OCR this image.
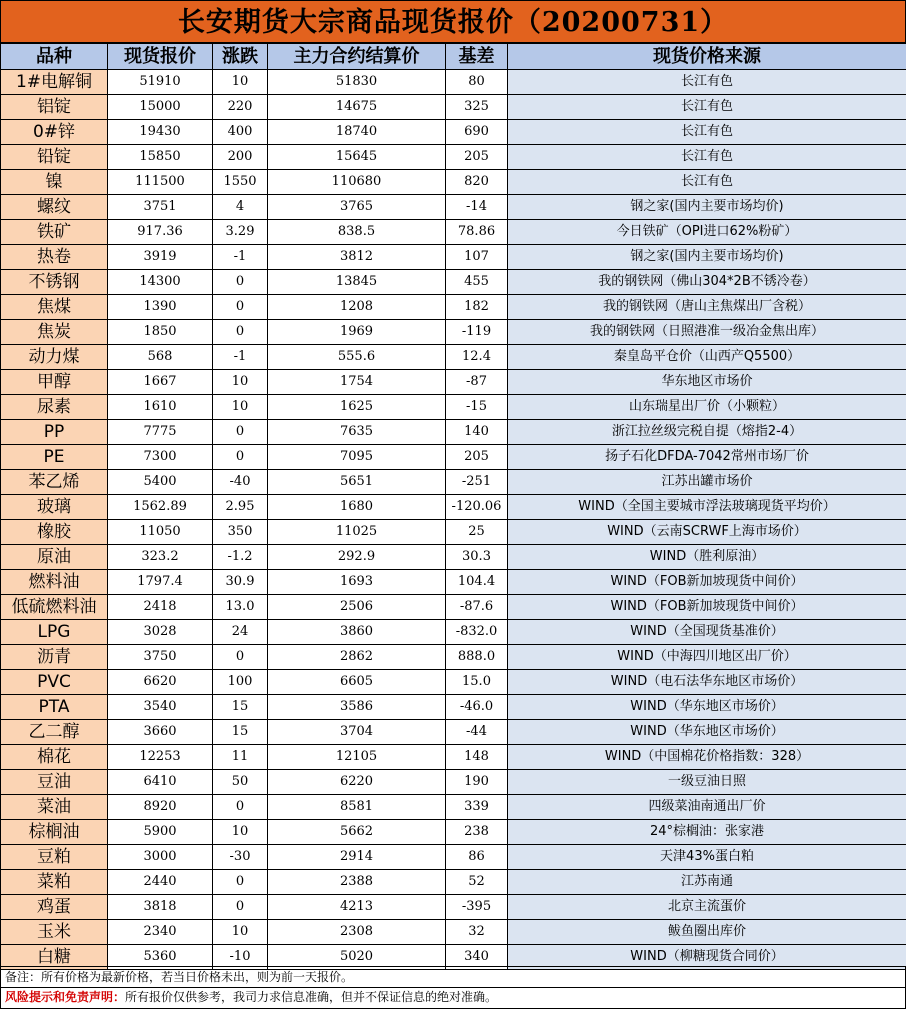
长安期货大宗商品现货报价（20200731）
品种	现货报价	涨跌	主力合约结算价	基差	现货价格来源
1#电解铜	51910	10	51830	80	长江有色
铝锭	15000	220	14675	325	长江有色
0#锌	19430	400	18740	690	长江有色
铅锭	15850	200	15645	205	长江有色
镍	111500	1550	110680	820	长江有色
螺纹	3751	4	3765	-14	钢之家(国内主要市场均价)
铁矿	917.36	3.29	838.5	78.86	今日铁矿（OPI进口62%粉矿）
热卷	3919	-1	3812	107	钢之家(国内主要市场均价)
不锈钢	14300	0	13845	455	我的钢铁网（佛山304*2B不锈冷卷）
焦煤	1390	0	1208	182	我的钢铁网（唐山主焦煤出厂含税）
焦炭	1850	0	1969	-119	我的钢铁网（日照港准一级冶金焦出库）
动力煤	568	-1	555.6	12.4	秦皇岛平仓价（山西产Q5500）
甲醇	1667	10	1754	-87	华东地区市场价
尿素	1610	10	1625	-15	山东瑞星出厂价（小颗粒）
PP	7775	0	7635	140	浙江拉丝级完税自提（熔指2-4）
PE	7300	0	7095	205	扬子石化DFDA-7042常州市场厂价
苯乙烯	5400	-40	5651	-251	江苏出罐市场价
玻璃	1562.89	2.95	1680	-120.06	WIND（全国主要城市浮法玻璃现货平均价）
橡胶	11050	350	11025	25	WIND（云南SCRWF上海市场价）
原油	323.2	-1.2	292.9	30.3	WIND（胜利原油）
燃料油	1797.4	30.9	1693	104.4	WIND（FOB新加坡现货中间价）
低硫燃料油	2418	13.0	2506	-87.6	WIND（FOB新加坡现货中间价）
LPG	3028	24	3860	-832.0	WIND（全国现货基准价）
沥青	3750	0	2862	888.0	WIND（中海四川地区出厂价）
PVC	6620	100	6605	15.0	WIND（电石法华东地区市场价）
PTA	3540	15	3586	-46.0	WIND（华东地区市场价）
乙二醇	3660	15	3704	-44	WIND（华东地区市场价）
棉花	12253	11	12105	148	WIND（中国棉花价格指数：328）
豆油	6410	50	6220	190	一级豆油日照
菜油	8920	0	8581	339	四级菜油南通出厂价
棕榈油	5900	10	5662	238	24°棕榈油：张家港
豆粕	3000	-30	2914	86	天津43%蛋白粕
菜粕	2440	0	2388	52	江苏南通
鸡蛋	3818	0	4213	-395	北京主流蛋价
玉米	2340	10	2308	32	鲅鱼圈出库价
白糖	5360	-10	5020	340	WIND（柳糖现货合同价）
备注：所有价格为最新价格，若当日价格未出，则为前一天报价。
风险提示和免责声明：所有报价仅供参考，我司力求信息准确，但并不保证信息的绝对准确。
